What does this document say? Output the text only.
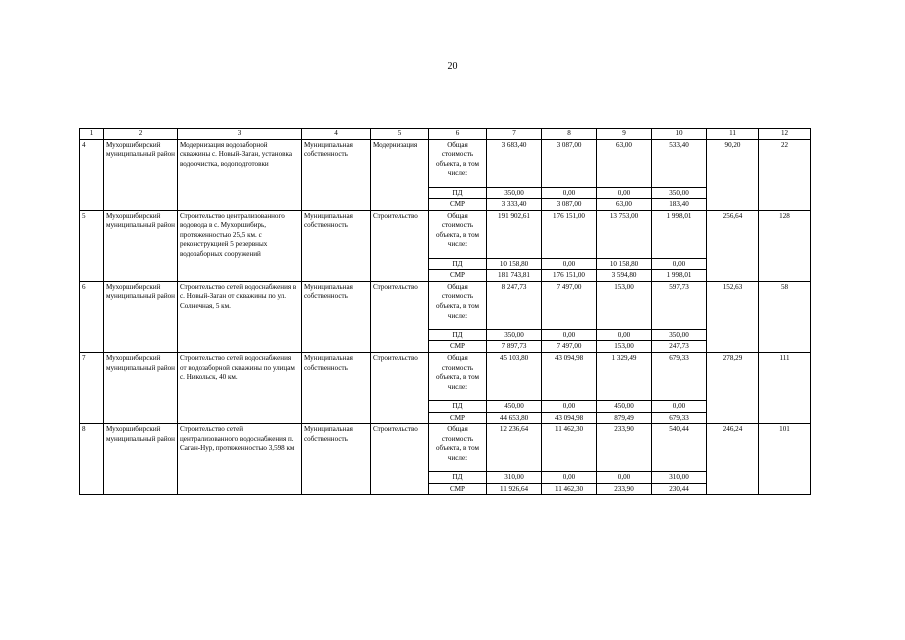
20
1	2	3	4	5	6	7	8	9	10	11	12
4	Мухоршибирский муниципальный район	Модернизация водозаборной скважины с. Новый-Заган, установка водоочистка, водоподготовки	Муниципальная собственность	Модернизация	Общая стоимость объекта, в том числе:	3 683,40	3 087,00	63,00	533,40	90,20	22
					ПД	350,00	0,00	0,00	350,00		
					СМР	3 333,40	3 087,00	63,00	183,40		
5	Мухоршибирский муниципальный район	Строительство централизованного водовода в с. Мухоршибирь, протяженностью 25,5 км. с реконструкцией 5 резервных водозаборных сооружений	Муниципальная собственность	Строительство	Общая стоимость объекта, в том числе:	191 902,61	176 151,00	13 753,00	1 998,01	256,64	128
					ПД	10 158,80	0,00	10 158,80	0,00		
					СМР	181 743,81	176 151,00	3 594,80	1 998,01		
6	Мухоршибирский муниципальный район	Строительство сетей водоснабжения в с. Новый-Заган от скважины по ул. Солнечная, 5 км.	Муниципальная собственность	Строительство	Общая стоимость объекта, в том числе:	8 247,73	7 497,00	153,00	597,73	152,63	58
					ПД	350,00	0,00	0,00	350,00		
					СМР	7 897,73	7 497,00	153,00	247,73		
7	Мухоршибирский муниципальный район	Строительство сетей водоснабжения от водозаборной скважины по улицам с. Никольск, 40 км.	Муниципальная собственность	Строительство	Общая стоимость объекта, в том числе:	45 103,80	43 094,98	1 329,49	679,33	278,29	111
					ПД	450,00	0,00	450,00	0,00		
					СМР	44 653,80	43 094,98	879,49	679,33		
8	Мухоршибирский муниципальный район	Строительство сетей централизованного водоснабжения п. Саган-Нур, протяженностью 3,598 км	Муниципальная собственность	Строительство	Общая стоимость объекта, в том числе:	12 236,64	11 462,30	233,90	540,44	246,24	101
					ПД	310,00	0,00	0,00	310,00		
					СМР	11 926,64	11 462,30	233,90	230,44		
